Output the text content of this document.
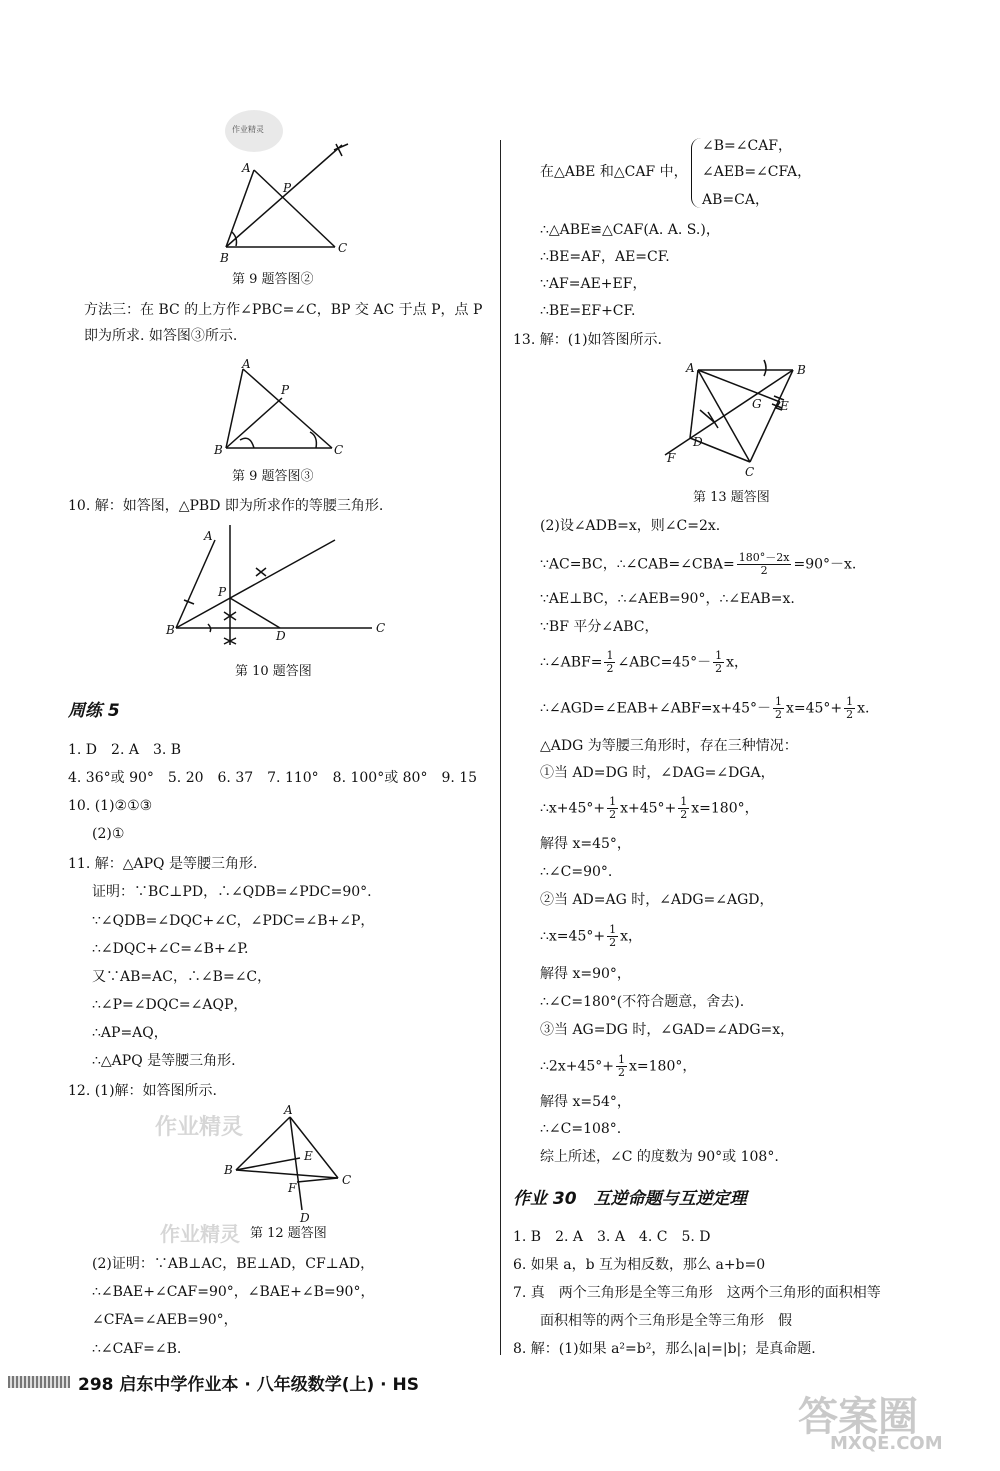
作业精灵
A
P
B
C
第 9 题答图②
方法三：在 BC 的上方作∠PBC=∠C，BP 交 AC 于点 P，点 P
即为所求. 如答图③所示.
A
P
B	C
第 9 题答图③
10. 解：如答图，△PBD 即为所求作的等腰三角形.
A
P
B	D
C
第 10 题答图
周练 5
1. D　2. A　3. B
4. 36°或 90°　5. 20　6. 37　7. 110°　8. 100°或 80°　9. 15
10. (1)②①③
(2)①
11. 解：△APQ 是等腰三角形.
证明：∵BC⊥PD，∴∠QDB=∠PDC=90°.
∵∠QDB=∠DQC+∠C，∠PDC=∠B+∠P，
∴∠DQC+∠C=∠B+∠P.
又∵AB=AC，∴∠B=∠C，
∴∠P=∠DQC=∠AQP，
∴AP=AQ，
∴△APQ 是等腰三角形.
12. (1)解：如答图所示.
作业精灵
A
B
C
E
F
D
作业精灵 第 12 题答图
(2)证明：∵AB⊥AC，BE⊥AD，CF⊥AD，
∴∠BAE+∠CAF=90°，∠BAE+∠B=90°，
∠CFA=∠AEB=90°，
∴∠CAF=∠B.
在△ABE 和△CAF 中，
∠B=∠CAF，
∠AEB=∠CFA，
AB=CA，
∴△ABE≌△CAF(A. A. S.)，
∴BE=AF，AE=CF.
∵AF=AE+EF，
∴BE=EF+CF.
13. 解：(1)如答图所示.
A	B
G E
D
F
C
第 13 题答图
(2)设∠ADB=x，则∠C=2x.
∵AC=BC，∴∠CAB=∠CBA= $\frac{180^\circ-2x}{2} =90^\circ-x$.
∵AE⊥BC，∴∠AEB=90°，∴∠EAB=x.
∵BF 平分∠ABC，
∴∠ABF= $\frac{1}{2}$ ∠ABC=45°－ $\frac{1}{2}$ x，
∴∠AGD=∠EAB+∠ABF=x+45°－ $\frac{1}{2} x=45^\circ+ \frac{1}{2} x$.
△ADG 为等腰三角形时，存在三种情况：
①当 AD=DG 时，∠DAG=∠DGA，
∴x+45°+ $\frac{1}{2} x+45^\circ+ \frac{1}{2} x=180^\circ$，
解得 x=45°，
∴∠C=90°.
②当 AD=AG 时，∠ADG=∠AGD，
∴x=45°+ $\frac{1}{2}$ x，
解得 x=90°，
∴∠C=180°(不符合题意，舍去).
③当 AG=DG 时，∠GAD=∠ADG=x，
∴2x+45°+ $\frac{1}{2} x=180^\circ$，
解得 x=54°，
∴∠C=108°.
综上所述，∠C 的度数为 90°或 108°.
作业 30　互逆命题与互逆定理
1. B　2. A　3. A　4. C　5. D
6. 如果 a，b 互为相反数，那么 a+b=0
7. 真　两个三角形是全等三角形　这两个三角形的面积相等
面积相等的两个三角形是全等三角形　假
8. 解：(1)如果 a²=b²，那么|a|=|b|；是真命题.
298 启东中学作业本 · 八年级数学(上) · HS
答案圈
MXQE.COM
